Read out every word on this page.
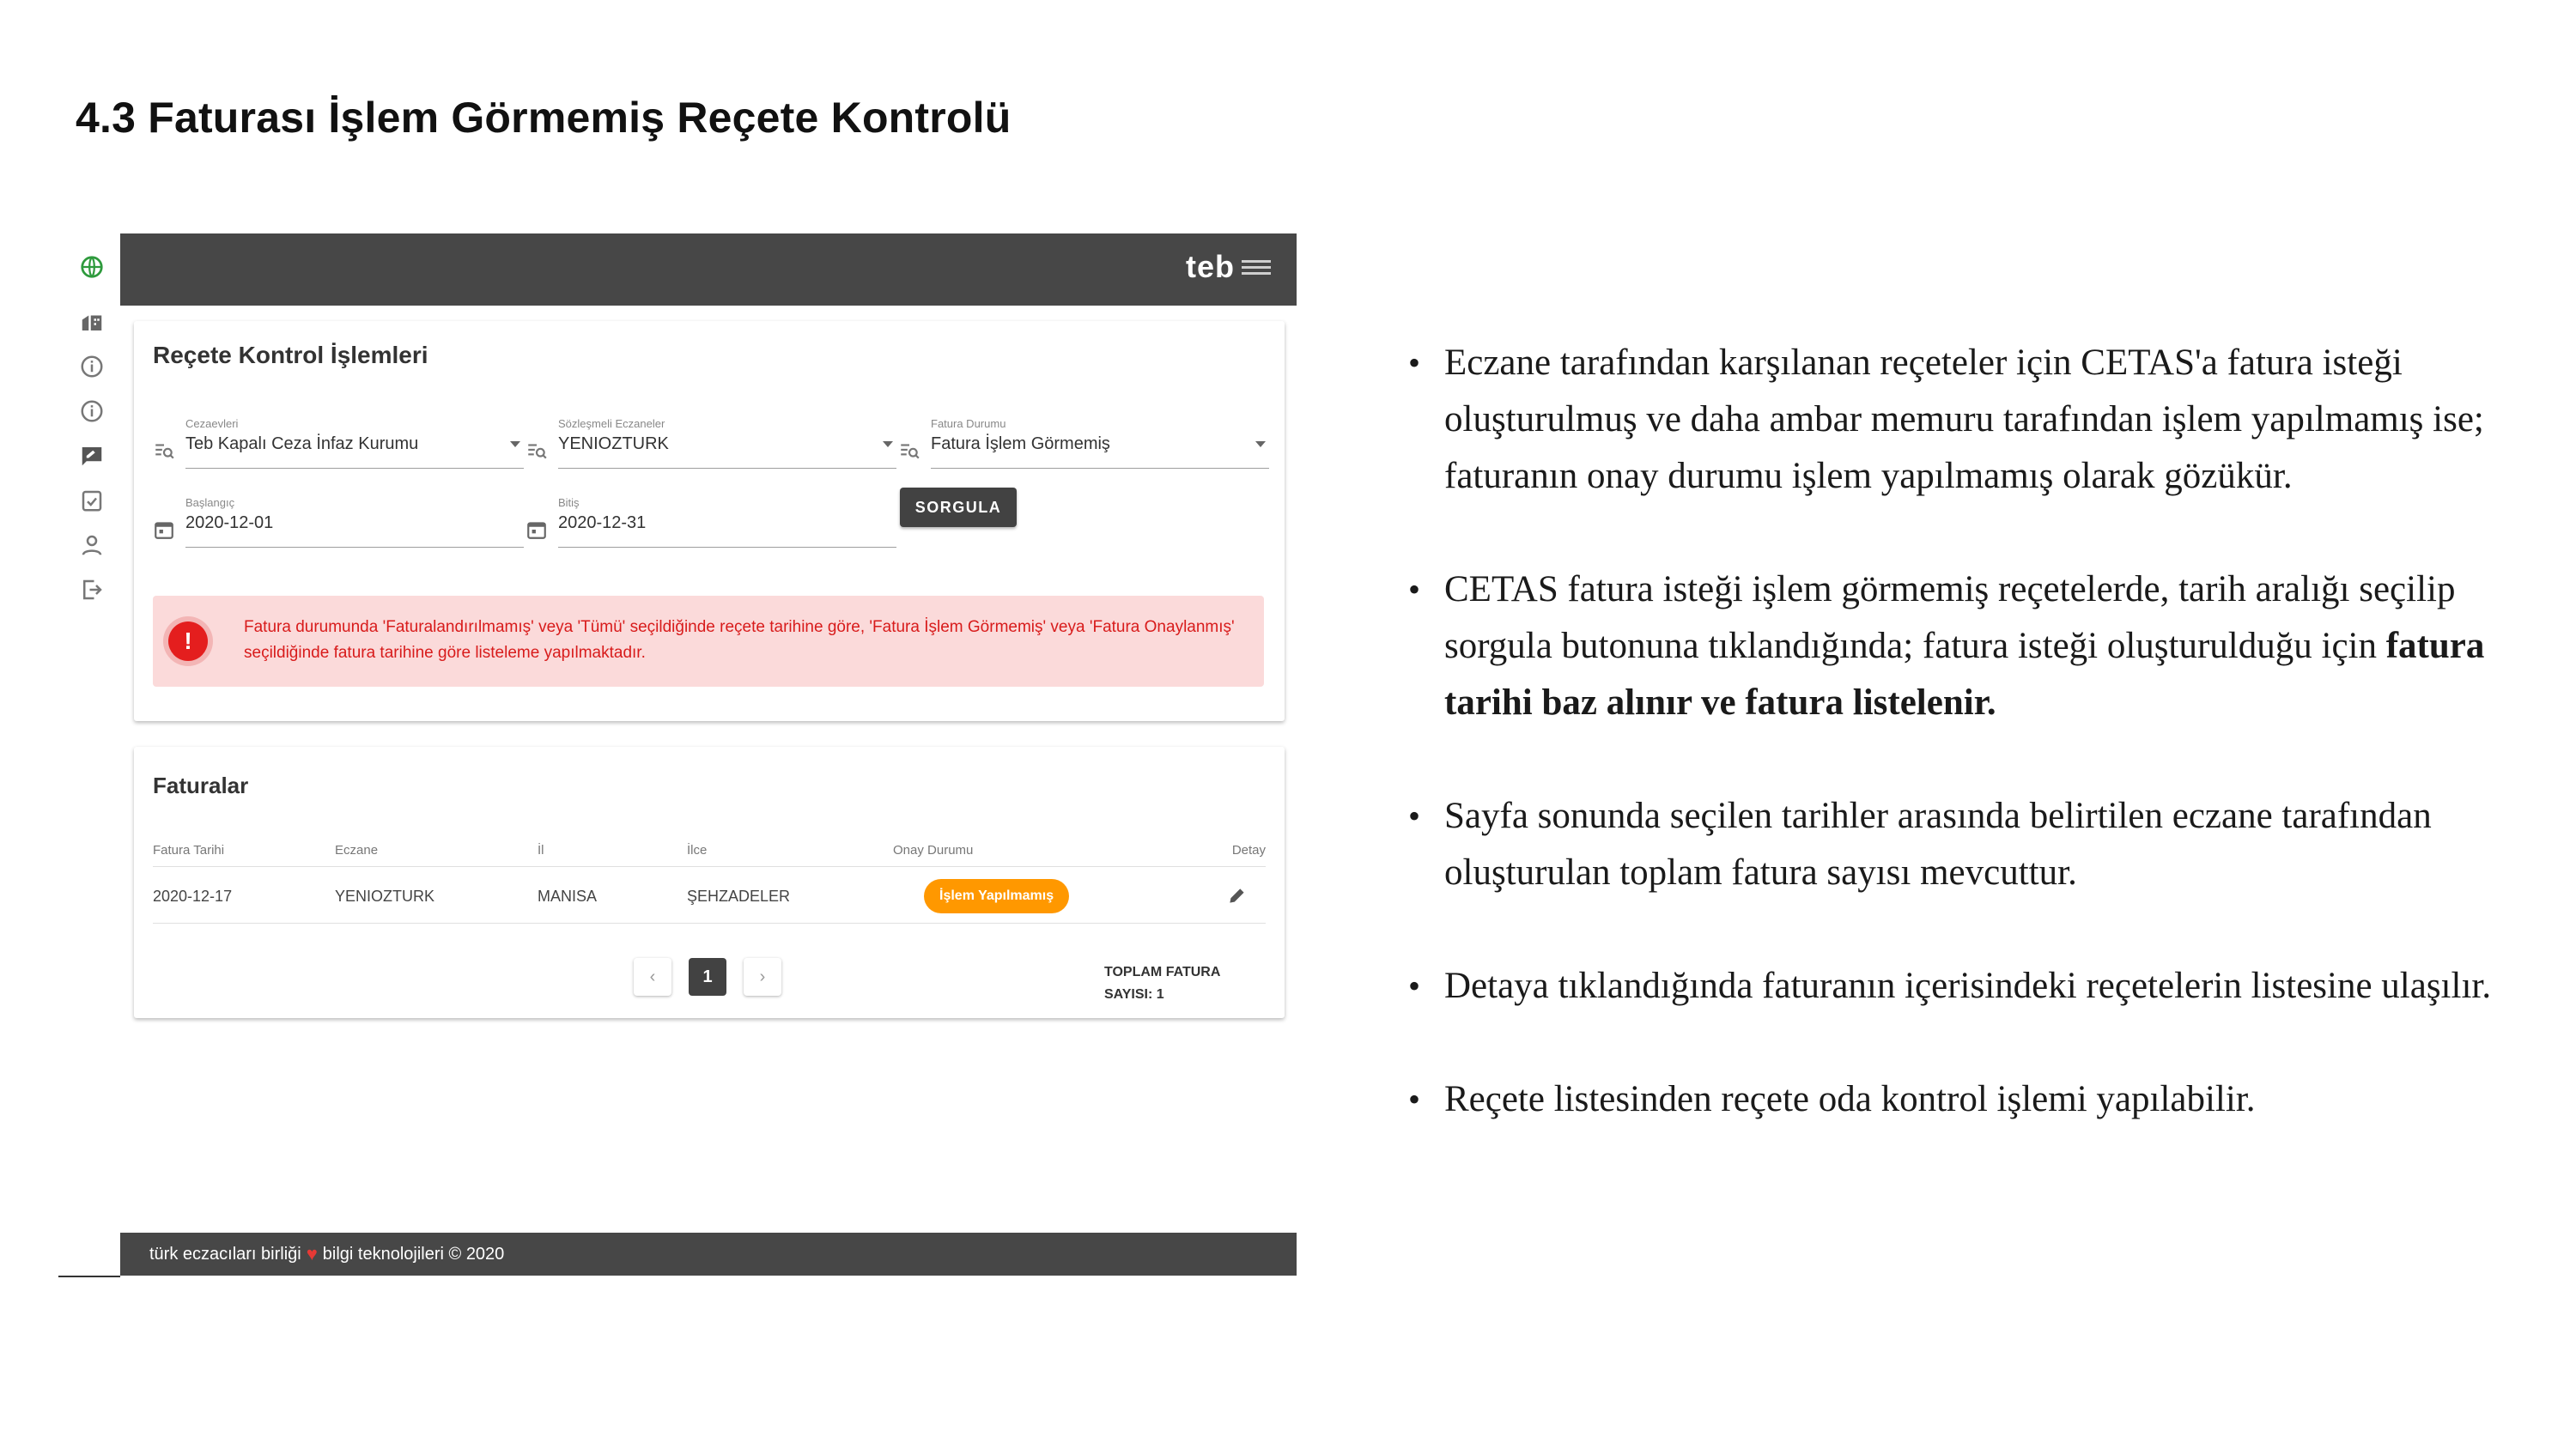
4.3 Faturası İşlem Görmemiş Reçete Kontrolü
teb
Reçete Kontrol İşlemleri
Cezaevleri
Teb Kapalı Ceza İnfaz Kurumu
Sözleşmeli Eczaneler
YENIOZTURK
Fatura Durumu
Fatura İşlem Görmemiş
Başlangıç
2020-12-01
Bitiş
2020-12-31
SORGULA
!
Fatura durumunda 'Faturalandırılmamış' veya 'Tümü' seçildiğinde reçete tarihine göre, 'Fatura İşlem Görmemiş' veya 'Fatura Onaylanmış' seçildiğinde fatura tarihine göre listeleme yapılmaktadır.
Faturalar
Fatura Tarihi	Eczane	İl	İlce	Onay Durumu	Detay
2020-12-17	YENIOZTURK	MANISA	ŞEHZADELER	İşlem Yapılmamış
‹	1	›	TOPLAM FATURA
SAYISI: 1
türk eczacıları birliği ♥ bilgi teknolojileri © 2020
• Eczane tarafından karşılanan reçeteler için CETAS'a fatura isteği oluşturulmuş ve daha ambar memuru tarafından işlem yapılmamış ise; faturanın onay durumu işlem yapılmamış olarak gözükür.
• CETAS fatura isteği işlem görmemiş reçetelerde, tarih aralığı seçilip sorgula butonuna tıklandığında; fatura isteği oluşturulduğu için fatura tarihi baz alınır ve fatura listelenir.
• Sayfa sonunda seçilen tarihler arasında belirtilen eczane tarafından oluşturulan toplam fatura sayısı mevcuttur.
• Detaya tıklandığında faturanın içerisindeki reçetelerin listesine ulaşılır.
• Reçete listesinden reçete oda kontrol işlemi yapılabilir.
